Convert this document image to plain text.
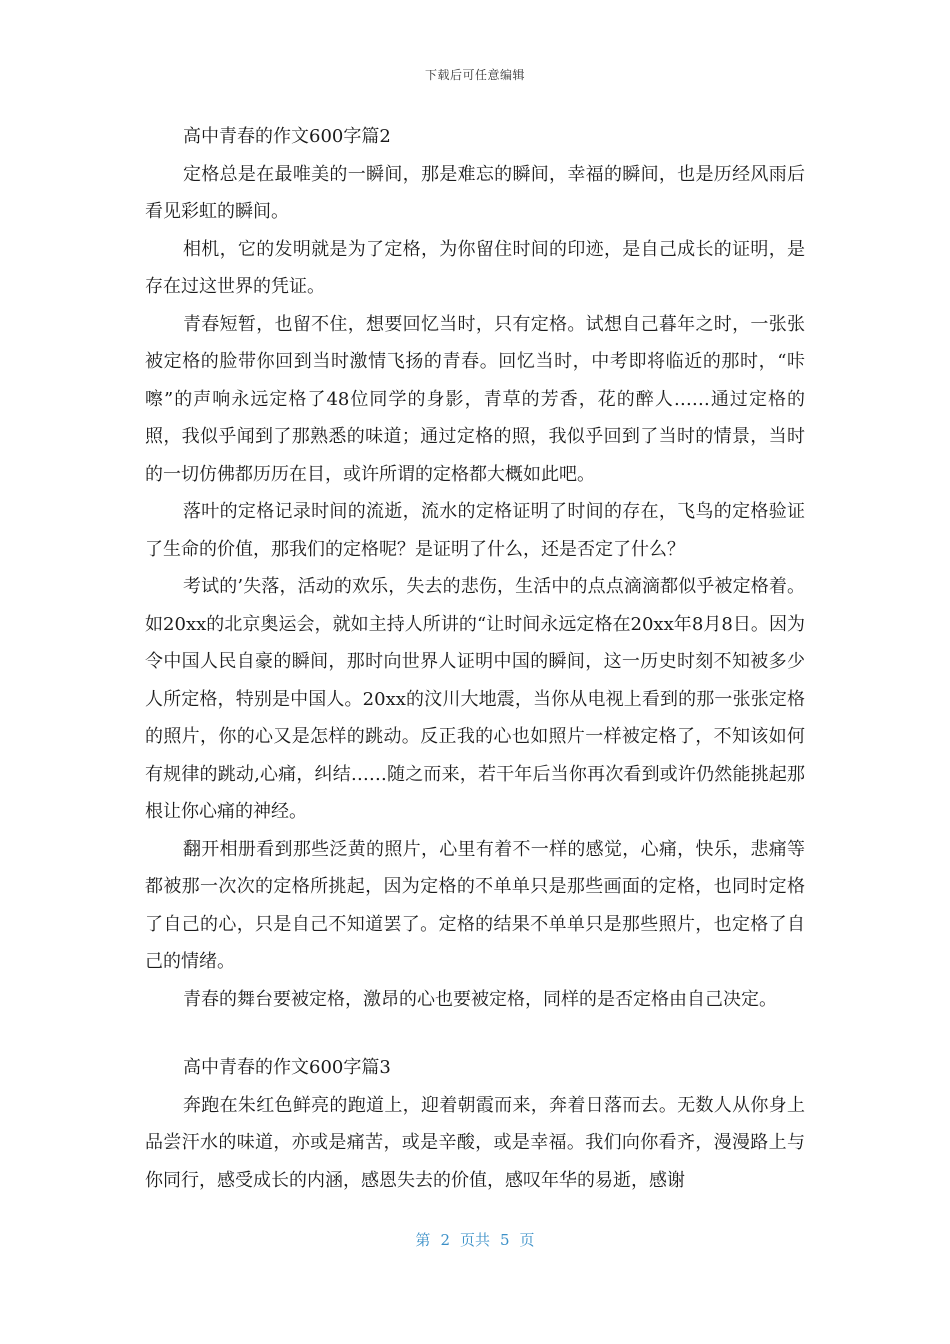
下载后可任意编辑
高中青春的作文600字篇2

定格总是在最唯美的一瞬间，那是难忘的瞬间，幸福的瞬间，也是历经风雨后看见彩虹的瞬间。

相机，它的发明就是为了定格，为你留住时间的印迹，是自己成长的证明，是存在过这世界的凭证。

青春短暂，也留不住，想要回忆当时，只有定格。试想自己暮年之时，一张张被定格的脸带你回到当时激情飞扬的青春。回忆当时，中考即将临近的那时，“咔嚓”的声响永远定格了48位同学的身影，青草的芳香，花的醉人……通过定格的照，我似乎闻到了那熟悉的味道；通过定格的照，我似乎回到了当时的情景，当时的一切仿佛都历历在目，或许所谓的定格都大概如此吧。

落叶的定格记录时间的流逝，流水的定格证明了时间的存在，飞鸟的定格验证了生命的价值，那我们的定格呢？是证明了什么，还是否定了什么？

考试的’失落，活动的欢乐，失去的悲伤，生活中的点点滴滴都似乎被定格着。如20xx的北京奥运会，就如主持人所讲的“让时间永远定格在20xx年8月8日。因为令中国人民自豪的瞬间，那时向世界人证明中国的瞬间，这一历史时刻不知被多少人所定格，特别是中国人。20xx的汶川大地震，当你从电视上看到的那一张张定格的照片，你的心又是怎样的跳动。反正我的心也如照片一样被定格了，不知该如何有规律的跳动,心痛，纠结……随之而来，若干年后当你再次看到或许仍然能挑起那根让你心痛的神经。

翻开相册看到那些泛黄的照片，心里有着不一样的感觉，心痛，快乐，悲痛等都被那一次次的定格所挑起，因为定格的不单单只是那些画面的定格，也同时定格了自己的心，只是自己不知道罢了。定格的结果不单单只是那些照片，也定格了自己的情绪。

青春的舞台要被定格，激昂的心也要被定格，同样的是否定格由自己决定。

高中青春的作文600字篇3

奔跑在朱红色鲜亮的跑道上，迎着朝霞而来，奔着日落而去。无数人从你身上品尝汗水的味道，亦或是痛苦，或是辛酸，或是幸福。我们向你看齐，漫漫路上与你同行，感受成长的内涵，感恩失去的价值，感叹年华的易逝，感谢

第 2 页共 5 页
